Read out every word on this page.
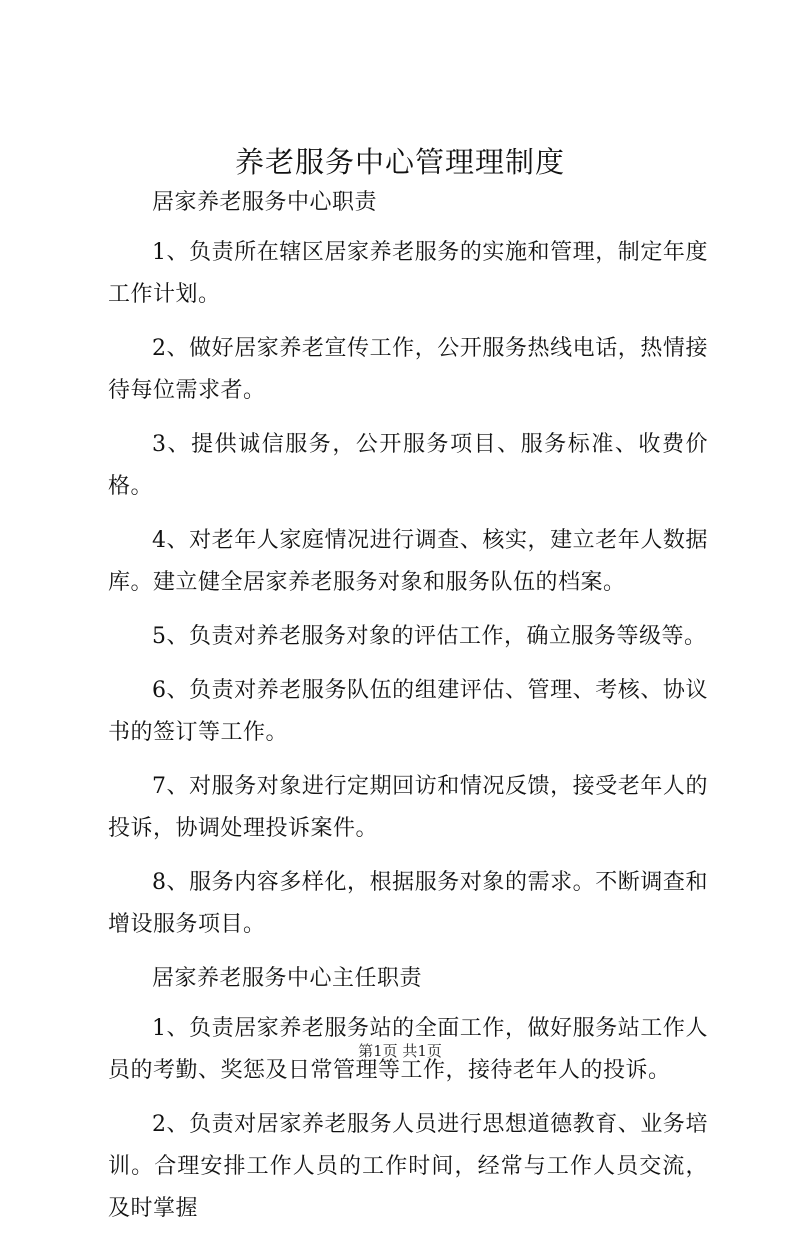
养老服务中心管理理制度

居家养老服务中心职责

1、负责所在辖区居家养老服务的实施和管理，制定年度工作计划。

2、做好居家养老宣传工作，公开服务热线电话，热情接待每位需求者。

3、提供诚信服务，公开服务项目、服务标准、收费价格。

4、对老年人家庭情况进行调查、核实，建立老年人数据库。建立健全居家养老服务对象和服务队伍的档案。

5、负责对养老服务对象的评估工作，确立服务等级等。

6、负责对养老服务队伍的组建评估、管理、考核、协议书的签订等工作。

7、对服务对象进行定期回访和情况反馈，接受老年人的投诉，协调处理投诉案件。

8、服务内容多样化，根据服务对象的需求。不断调查和增设服务项目。

居家养老服务中心主任职责

1、负责居家养老服务站的全面工作，做好服务站工作人员的考勤、奖惩及日常管理等工作，接待老年人的投诉。

2、负责对居家养老服务人员进行思想道德教育、业务培训。合理安排工作人员的工作时间，经常与工作人员交流，及时掌握

第1页 共1页
